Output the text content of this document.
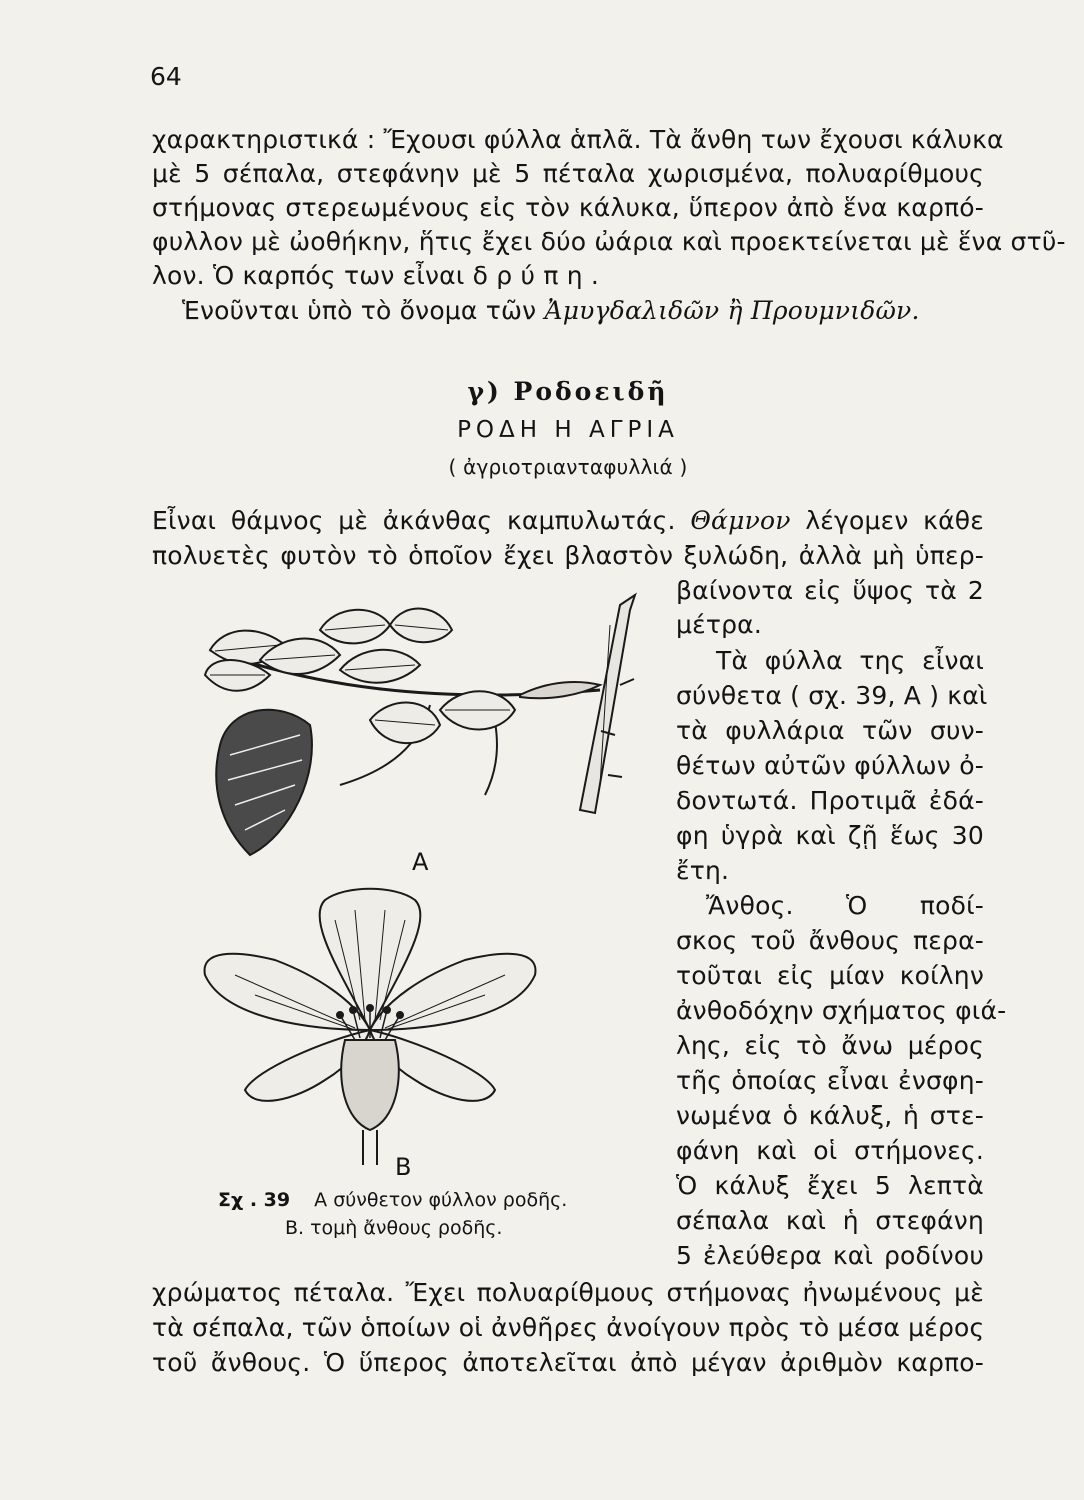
64
χαρακτηριστικά : Ἔχουσι φύλλα ἁπλᾶ. Τὰ ἄνθη των ἔχουσι κάλυκα
μὲ 5 σέπαλα, στεφάνην μὲ 5 πέταλα χωρισμένα, πολυαρίθμους
στήμονας στερεωμένους εἰς τὸν κάλυκα, ὕπερον ἀπὸ ἕνα καρπό-
φυλλον μὲ ὠοθήκην, ἥτις ἔχει δύο ὠάρια καὶ προεκτείνεται μὲ ἕνα στῦ-
λον. Ὁ καρπός των εἶναι δ ρ ύ π η .
Ἑνοῦνται ὑπὸ τὸ ὄνομα τῶν Ἀμυγδαλιδῶν ἢ Προυμνιδῶν.
γ) Ροδοειδῆ
ΡΟΔΗ Η ΑΓΡΙΑ
( ἀγριοτριανταφυλλιά )
Εἶναι θάμνος μὲ ἀκάνθας καμπυλωτάς. Θάμνον λέγομεν κάθε
πολυετὲς φυτὸν τὸ ὁποῖον ἔχει βλαστὸν ξυλώδη, ἀλλὰ μὴ ὑπερ-
βαίνοντα εἰς ὕψος τὰ 2
μέτρα.
Τὰ φύλλα της εἶναι
σύνθετα ( σχ. 39, Α ) καὶ
τὰ φυλλάρια τῶν συν-
θέτων αὐτῶν φύλλων ὀ-
δοντωτά. Προτιμᾶ ἐδά-
φη ὑγρὰ καὶ ζῇ ἕως 30
ἔτη.
Ἄνθος. Ὁ ποδί-
σκος τοῦ ἄνθους περα-
τοῦται εἰς μίαν κοίλην
ἀνθοδόχην σχήματος φιά-
λης, εἰς τὸ ἄνω μέρος
τῆς ὁποίας εἶναι ἐνσφη-
νωμένα ὁ κάλυξ, ἡ στε-
φάνη καὶ οἱ στήμονες.
Ὁ κάλυξ ἔχει 5 λεπτὰ
σέπαλα καὶ ἡ στεφάνη
5 ἐλεύθερα καὶ ροδίνου
Α
Β
Σχ . 39 Α σύνθετον φύλλον ροδῆς.
Β. τομὴ ἄνθους ροδῆς.
χρώματος πέταλα. Ἔχει πολυαρίθμους στήμονας ἠνωμένους μὲ
τὰ σέπαλα, τῶν ὁποίων οἱ ἀνθῆρες ἀνοίγουν πρὸς τὸ μέσα μέρος
τοῦ ἄνθους. Ὁ ὕπερος ἀποτελεῖται ἀπὸ μέγαν ἀριθμὸν καρπο-
